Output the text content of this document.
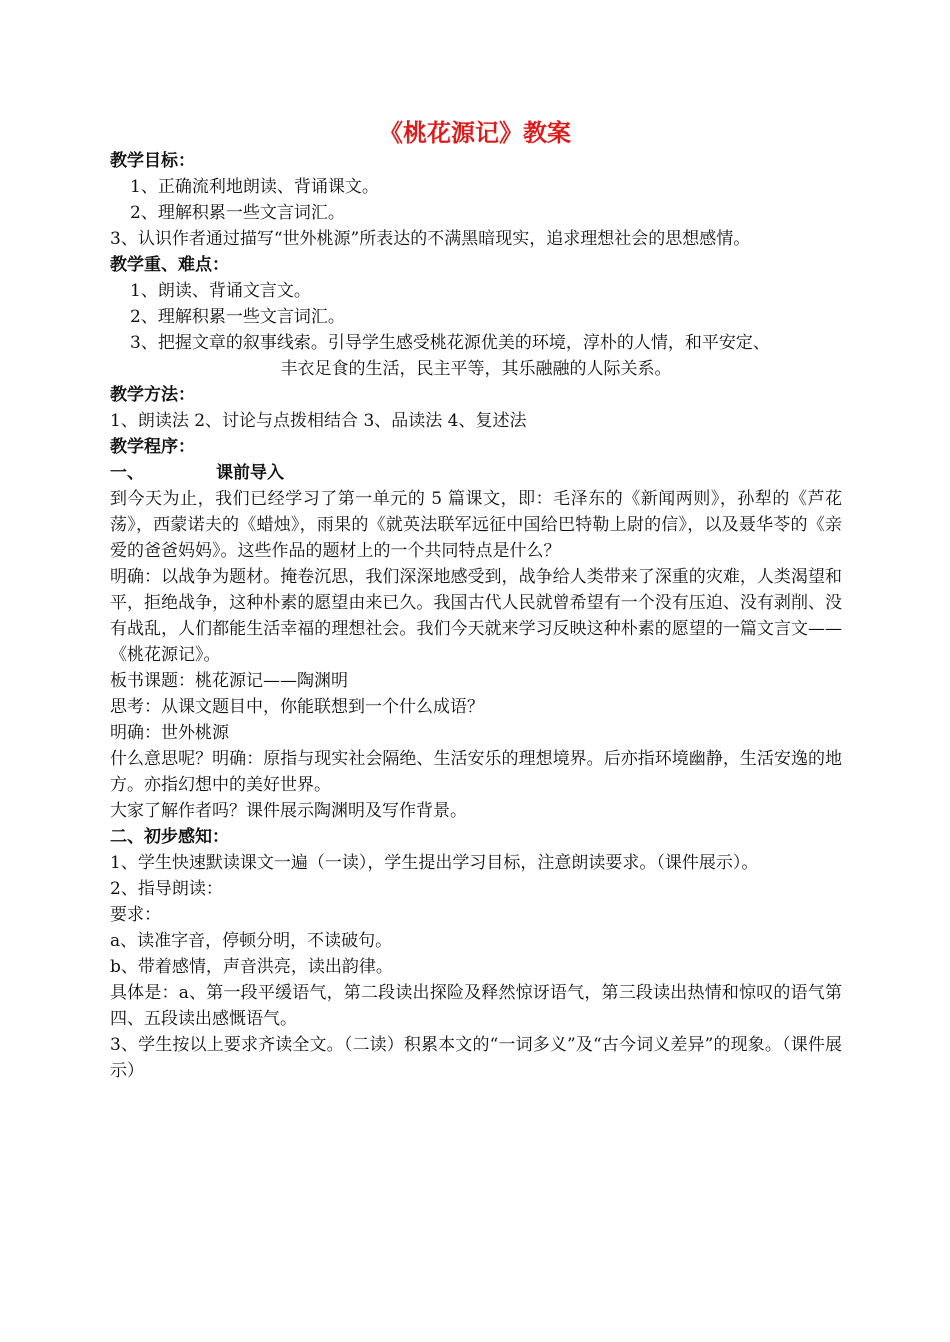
《桃花源记》教案
教学目标：
1、正确流利地朗读、背诵课文。
2、理解积累一些文言词汇。
3、认识作者通过描写“世外桃源”所表达的不满黑暗现实，追求理想社会的思想感情。
教学重、难点：
1、朗读、背诵文言文。
2、理解积累一些文言词汇。
3、把握文章的叙事线索。引导学生感受桃花源优美的环境，淳朴的人情，和平安定、
丰衣足食的生活，民主平等，其乐融融的人际关系。
教学方法：
1、朗读法 2、讨论与点拨相结合 3、品读法 4、复述法
教学程序：
一、	课前导入
到今天为止，我们已经学习了第一单元的 5 篇课文，即：毛泽东的《新闻两则》，孙犁的《芦花荡》，西蒙诺夫的《蜡烛》，雨果的《就英法联军远征中国给巴特勒上尉的信》，以及聂华苓的《亲爱的爸爸妈妈》。这些作品的题材上的一个共同特点是什么？
明确：以战争为题材。掩卷沉思，我们深深地感受到，战争给人类带来了深重的灾难，人类渴望和平，拒绝战争，这种朴素的愿望由来已久。我国古代人民就曾希望有一个没有压迫、没有剥削、没有战乱，人们都能生活幸福的理想社会。我们今天就来学习反映这种朴素的愿望的一篇文言文——《桃花源记》。
板书课题：桃花源记——陶渊明
思考：从课文题目中，你能联想到一个什么成语？
明确：世外桃源
什么意思呢？明确：原指与现实社会隔绝、生活安乐的理想境界。后亦指环境幽静，生活安逸的地方。亦指幻想中的美好世界。
大家了解作者吗？课件展示陶渊明及写作背景。
二、初步感知：
1、学生快速默读课文一遍（一读），学生提出学习目标，注意朗读要求。（课件展示）。
2、指导朗读：
要求：
a、读准字音，停顿分明，不读破句。
b、带着感情，声音洪亮，读出韵律。
具体是：a、第一段平缓语气，第二段读出探险及释然惊讶语气，第三段读出热情和惊叹的语气第四、五段读出感慨语气。
3、学生按以上要求齐读全文。（二读）积累本文的“一词多义”及“古今词义差异”的现象。（课件展示）
